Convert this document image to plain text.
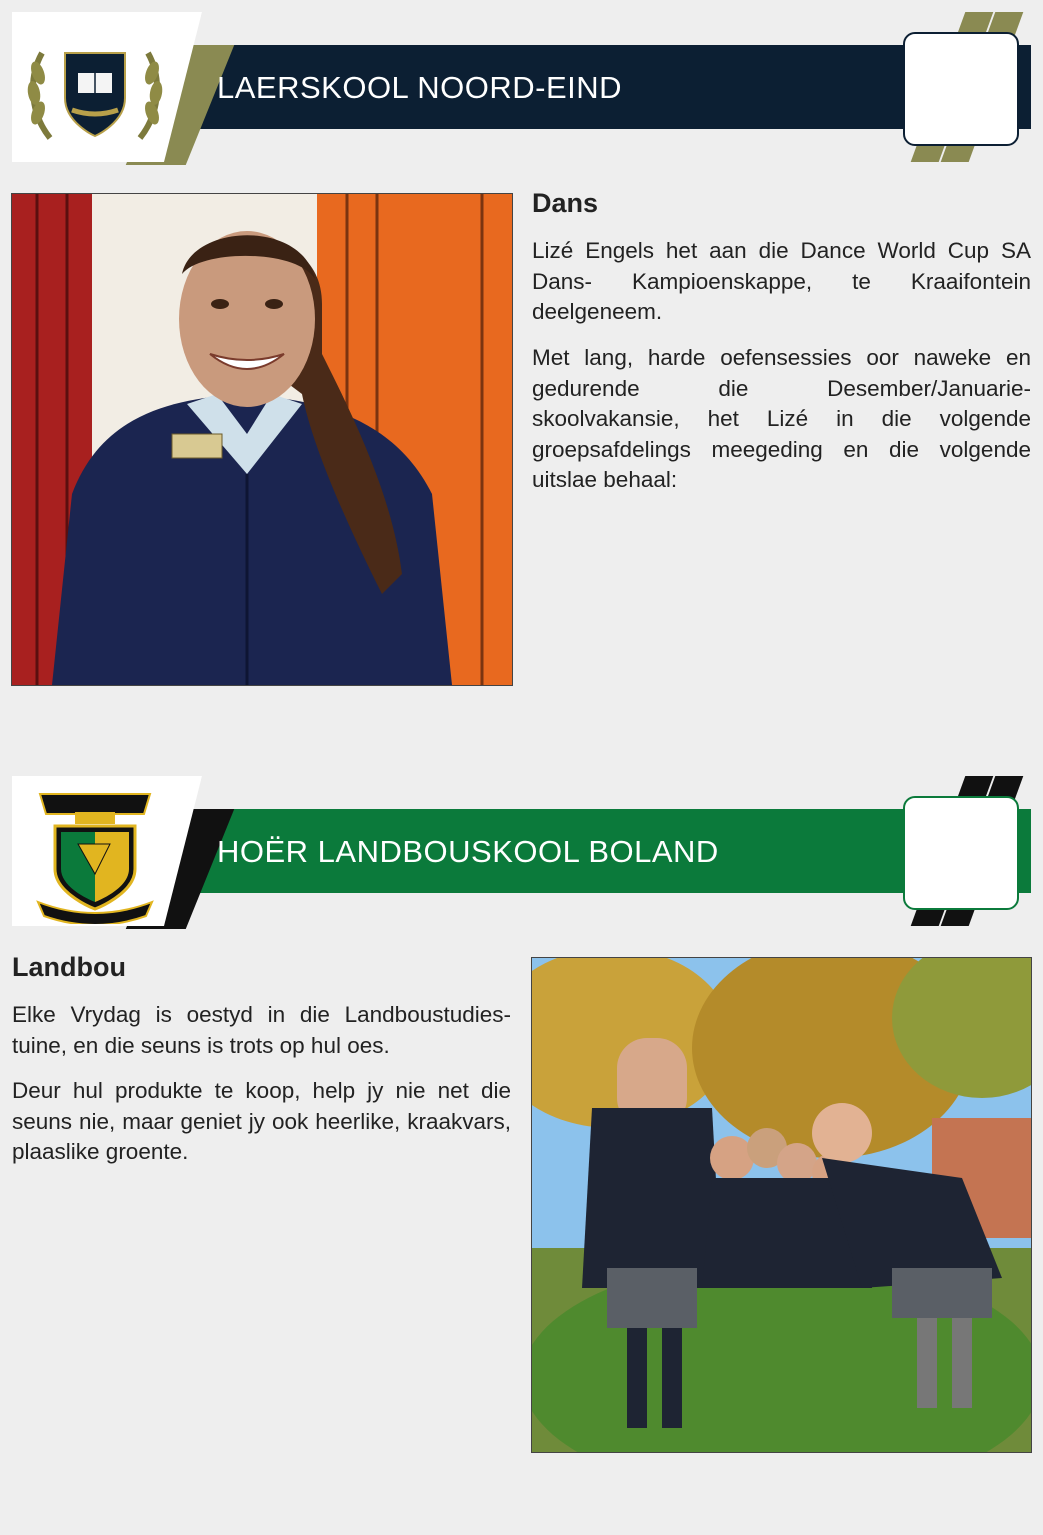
LAERSKOOL NOORD-EIND
Dans

Lizé Engels het aan die Dance World Cup SA Dans- Kampioenskappe, te Kraaifontein deelgeneem.

Met lang, harde oefensessies oor naweke en gedurende die Desember/Januarie-skoolvakansie, het Lizé in die volgende groepsafdelings meegeding en die volgende uitslae behaal:

HOËR LANDBOUSKOOL BOLAND
Landbou

Elke Vrydag is oestyd in die Landboustudies-tuine, en die seuns is trots op hul oes.

Deur hul produkte te koop, help jy nie net die seuns nie, maar geniet jy ook heerlike, kraakvars, plaaslike groente.
